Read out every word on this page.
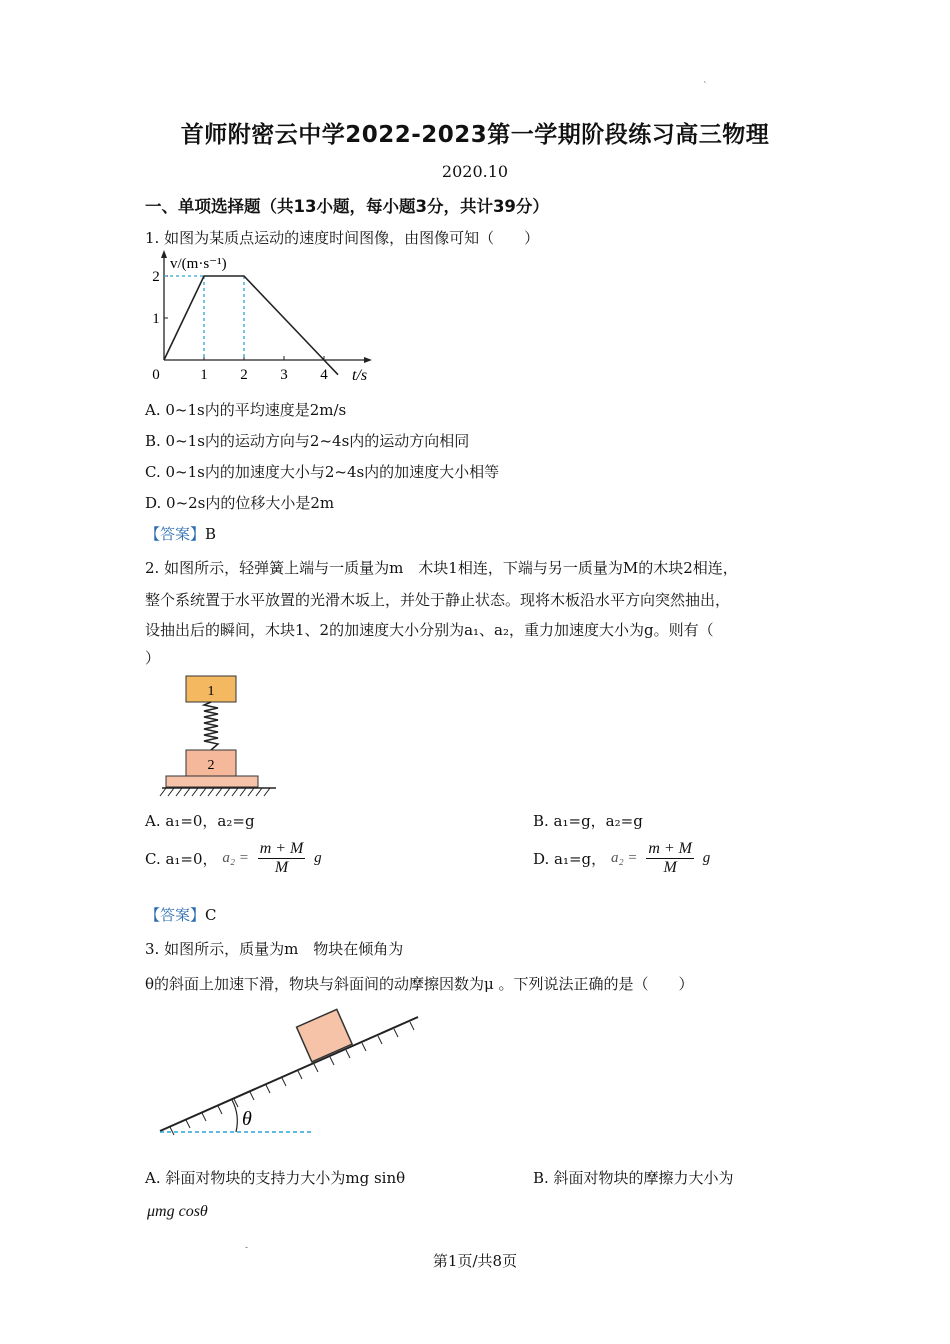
`
首师附密云中学2022-2023第一学期阶段练习高三物理
2020.10
一、单项选择题（共13小题，每小题3分，共计39分）
1. 如图为某质点运动的速度时间图像，由图像可知（　　）
0	1 2 3 4
1
2
t/s
v/(m·s⁻¹)
A. 0~1s内的平均速度是2m/s
B. 0~1s内的运动方向与2~4s内的运动方向相同
C. 0~1s内的加速度大小与2~4s内的加速度大小相等
D. 0~2s内的位移大小是2m
【答案】B
2. 如图所示，轻弹簧上端与一质量为m　木块1相连，下端与另一质量为M的木块2相连，
整个系统置于水平放置的光滑木坂上，并处于静止状态。现将木板沿水平方向突然抽出，
设抽出后的瞬间，木块1、2的加速度大小分别为a₁、a₂，重力加速度大小为g。则有（
）
1
2
A. a₁=0，a₂=g	B. a₁=g，a₂=g
C. a₁=0， $a_2 = \frac{m + M}{M}$ g	D. a₁=g， $a_2 = \frac{m + M}{M}$ g
【答案】C
3. 如图所示，质量为m　物块在倾角为
θ的斜面上加速下滑，物块与斜面间的动摩擦因数为μ 。下列说法正确的是（　　）
θ
A. 斜面对物块的支持力大小为mg sinθ	B. 斜面对物块的摩擦力大小为
μmg cosθ
-
第1页/共8页
